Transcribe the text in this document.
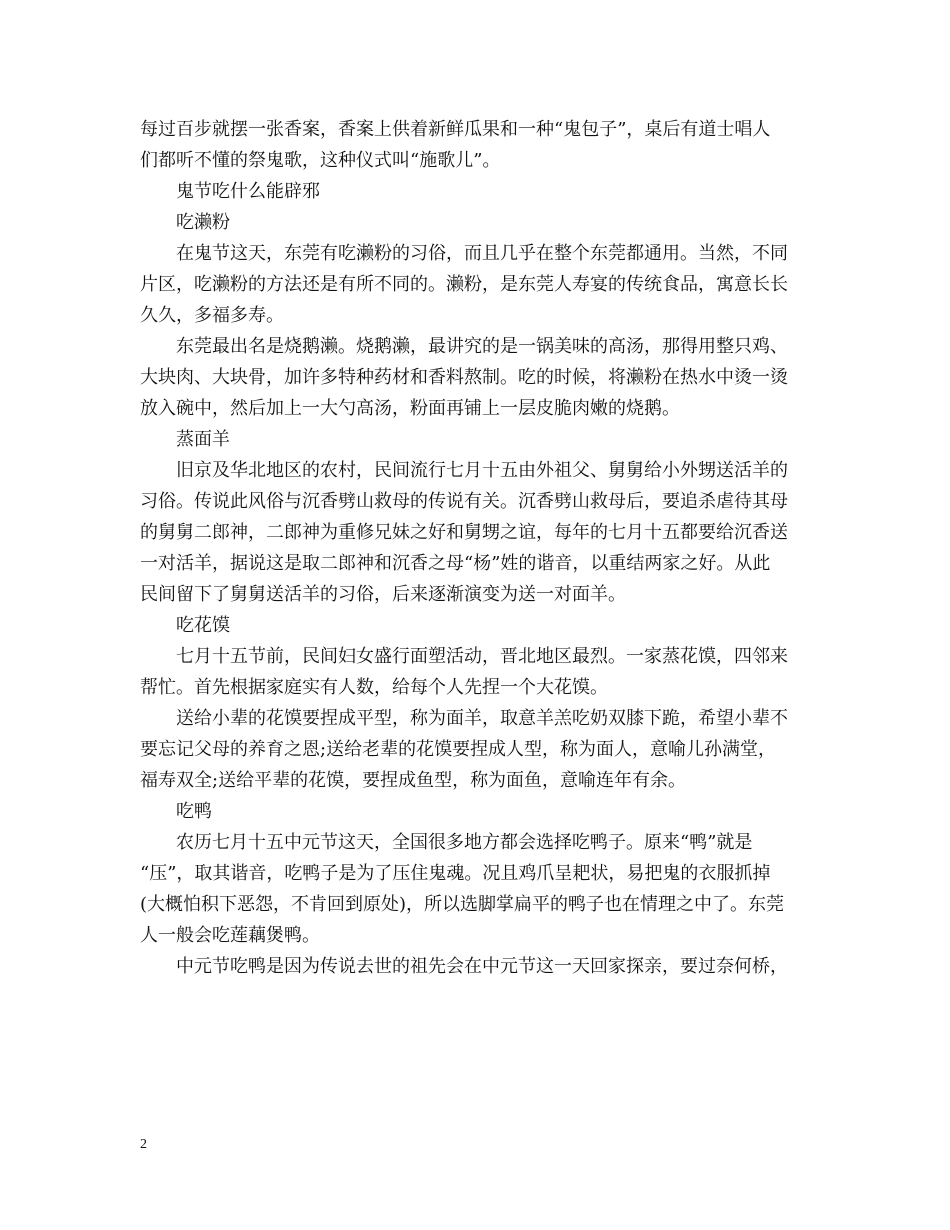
每过百步就摆一张香案，香案上供着新鲜瓜果和一种“鬼包子”，桌后有道士唱人
们都听不懂的祭鬼歌，这种仪式叫“施歌儿”。
鬼节吃什么能辟邪
吃濑粉
在鬼节这天，东莞有吃濑粉的习俗，而且几乎在整个东莞都通用。当然，不同
片区，吃濑粉的方法还是有所不同的。濑粉，是东莞人寿宴的传统食品，寓意长长
久久，多福多寿。
东莞最出名是烧鹅濑。烧鹅濑，最讲究的是一锅美味的高汤，那得用整只鸡、
大块肉、大块骨，加许多特种药材和香料熬制。吃的时候，将濑粉在热水中烫一烫
放入碗中，然后加上一大勺高汤，粉面再铺上一层皮脆肉嫩的烧鹅。
蒸面羊
旧京及华北地区的农村，民间流行七月十五由外祖父、舅舅给小外甥送活羊的
习俗。传说此风俗与沉香劈山救母的传说有关。沉香劈山救母后，要追杀虐待其母
的舅舅二郎神，二郎神为重修兄妹之好和舅甥之谊，每年的七月十五都要给沉香送
一对活羊，据说这是取二郎神和沉香之母“杨”姓的谐音，以重结两家之好。从此
民间留下了舅舅送活羊的习俗，后来逐渐演变为送一对面羊。
吃花馍
七月十五节前，民间妇女盛行面塑活动，晋北地区最烈。一家蒸花馍，四邻来
帮忙。首先根据家庭实有人数，给每个人先捏一个大花馍。
送给小辈的花馍要捏成平型，称为面羊，取意羊羔吃奶双膝下跪，希望小辈不
要忘记父母的养育之恩;送给老辈的花馍要捏成人型，称为面人，意喻儿孙满堂，
福寿双全;送给平辈的花馍，要捏成鱼型，称为面鱼，意喻连年有余。
吃鸭
农历七月十五中元节这天，全国很多地方都会选择吃鸭子。原来“鸭”就是
“压”，取其谐音，吃鸭子是为了压住鬼魂。况且鸡爪呈耙状，易把鬼的衣服抓掉
(大概怕积下恶怨，不肯回到原处)，所以选脚掌扁平的鸭子也在情理之中了。东莞
人一般会吃莲藕煲鸭。
中元节吃鸭是因为传说去世的祖先会在中元节这一天回家探亲，要过奈何桥，
2
